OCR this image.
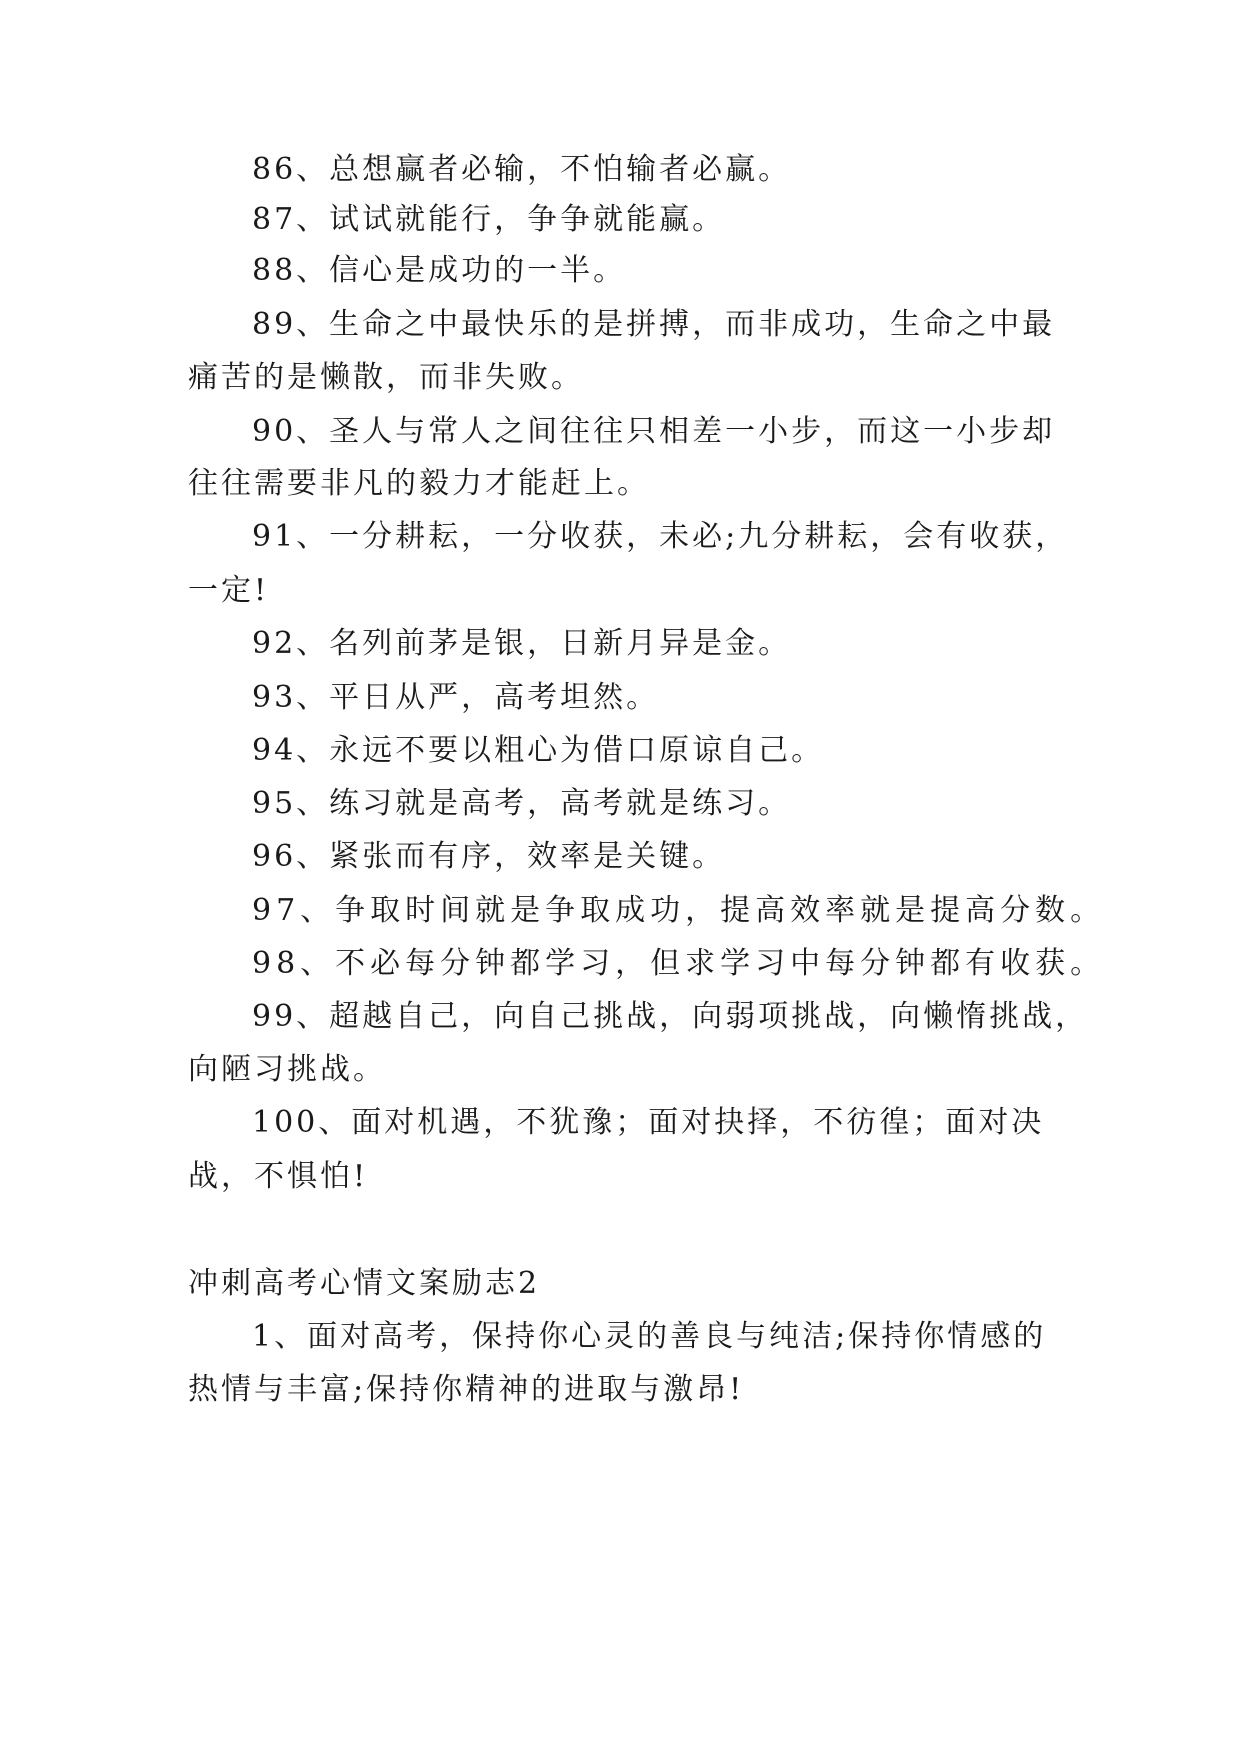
86、总想赢者必输，不怕输者必赢。
87、试试就能行，争争就能赢。
88、信心是成功的一半。
89、生命之中最快乐的是拼搏，而非成功，生命之中最
痛苦的是懒散，而非失败。
90、圣人与常人之间往往只相差一小步，而这一小步却
往往需要非凡的毅力才能赶上。
91、一分耕耘，一分收获，未必;九分耕耘，会有收获，
一定!
92、名列前茅是银，日新月异是金。
93、平日从严，高考坦然。
94、永远不要以粗心为借口原谅自己。
95、练习就是高考，高考就是练习。
96、紧张而有序，效率是关键。
97、争取时间就是争取成功，提高效率就是提高分数。
98、不必每分钟都学习，但求学习中每分钟都有收获。
99、超越自己，向自己挑战，向弱项挑战，向懒惰挑战，
向陋习挑战。
100、面对机遇，不犹豫；面对抉择，不彷徨；面对决
战，不惧怕!
冲刺高考心情文案励志2
1、面对高考，保持你心灵的善良与纯洁;保持你情感的
热情与丰富;保持你精神的进取与激昂!
